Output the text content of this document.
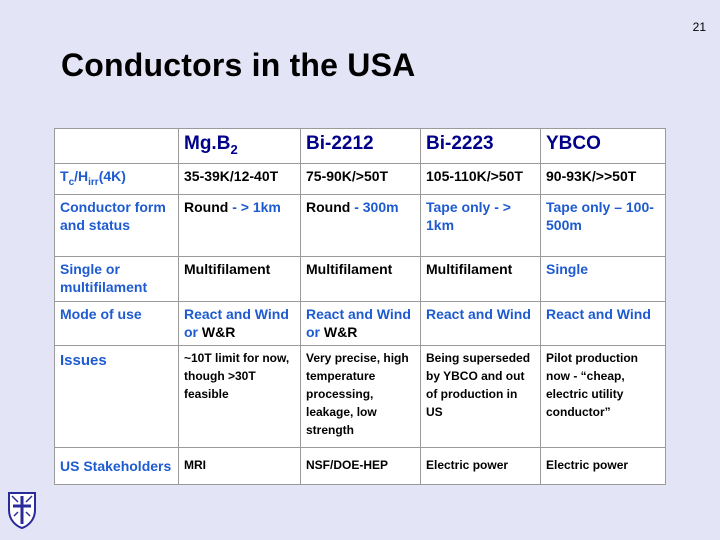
21
Conductors in the USA
	$Mg.B_2$	Bi-2212	Bi-2223	YBCO
$T_c/H_{irr}(4K)$	35-39K/12-40T	75-90K/>50T	105-110K/>50T	90-93K/>>50T
Conductor form and status	Round - > 1km	Round - 300m	Tape only - > 1km	Tape only – 100-500m
Single or multifilament	Multifilament	Multifilament	Multifilament	Single
Mode of use	React and Wind or W&R	React and Wind or W&R	React and Wind	React and Wind
Issues	~10T limit for now, though >30T feasible	Very precise, high temperature processing, leakage, low strength	Being superseded by YBCO and out of production in US	Pilot production now - “cheap, electric utility conductor”
US Stakeholders	MRI	NSF/DOE-HEP	Electric power	Electric power
